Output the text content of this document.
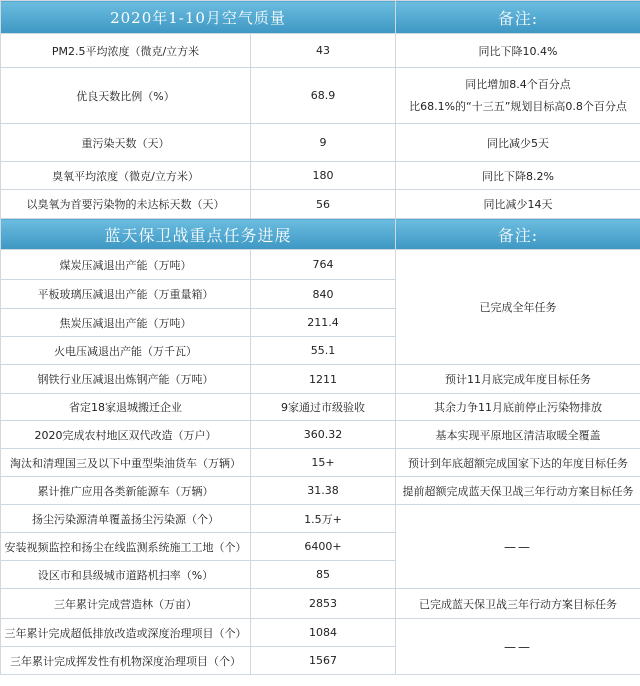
2020年1-10月空气质量		备注:
PM2.5平均浓度（微克/立方米	43	同比下降10.4%
优良天数比例（%）	68.9	同比增加8.4个百分点
比68.1%的“十三五”规划目标高0.8个百分点

重污染天数（天）	9	同比减少5天
臭氧平均浓度（微克/立方米）	180	同比下降8.2%
以臭氧为首要污染物的未达标天数（天）	56	同比减少14天
蓝天保卫战重点任务进展		备注:
煤炭压减退出产能（万吨）	764	已完成全年任务
平板玻璃压减退出产能（万重量箱）	840	
焦炭压减退出产能（万吨）	211.4	
火电压减退出产能（万千瓦）	55.1	
钢铁行业压减退出炼钢产能（万吨）	1211	预计11月底完成年度目标任务
省定18家退城搬迁企业	9家通过市级验收	其余力争11月底前停止污染物排放
2020完成农村地区双代改造（万户）	360.32	基本实现平原地区清洁取暖全覆盖
淘汰和清理国三及以下中重型柴油货车（万辆）	15+	预计到年底超额完成国家下达的年度目标任务
累计推广应用各类新能源车（万辆）	31.38	提前超额完成蓝天保卫战三年行动方案目标任务
扬尘污染源清单覆盖扬尘污染源（个）	1.5万+	——
安装视频监控和扬尘在线监测系统施工工地（个）	6400+	
设区市和县级城市道路机扫率（%）	85	
三年累计完成营造林（万亩）	2853	已完成蓝天保卫战三年行动方案目标任务
三年累计完成超低排放改造或深度治理项目（个）	1084	——
三年累计完成挥发性有机物深度治理项目（个）	1567	
